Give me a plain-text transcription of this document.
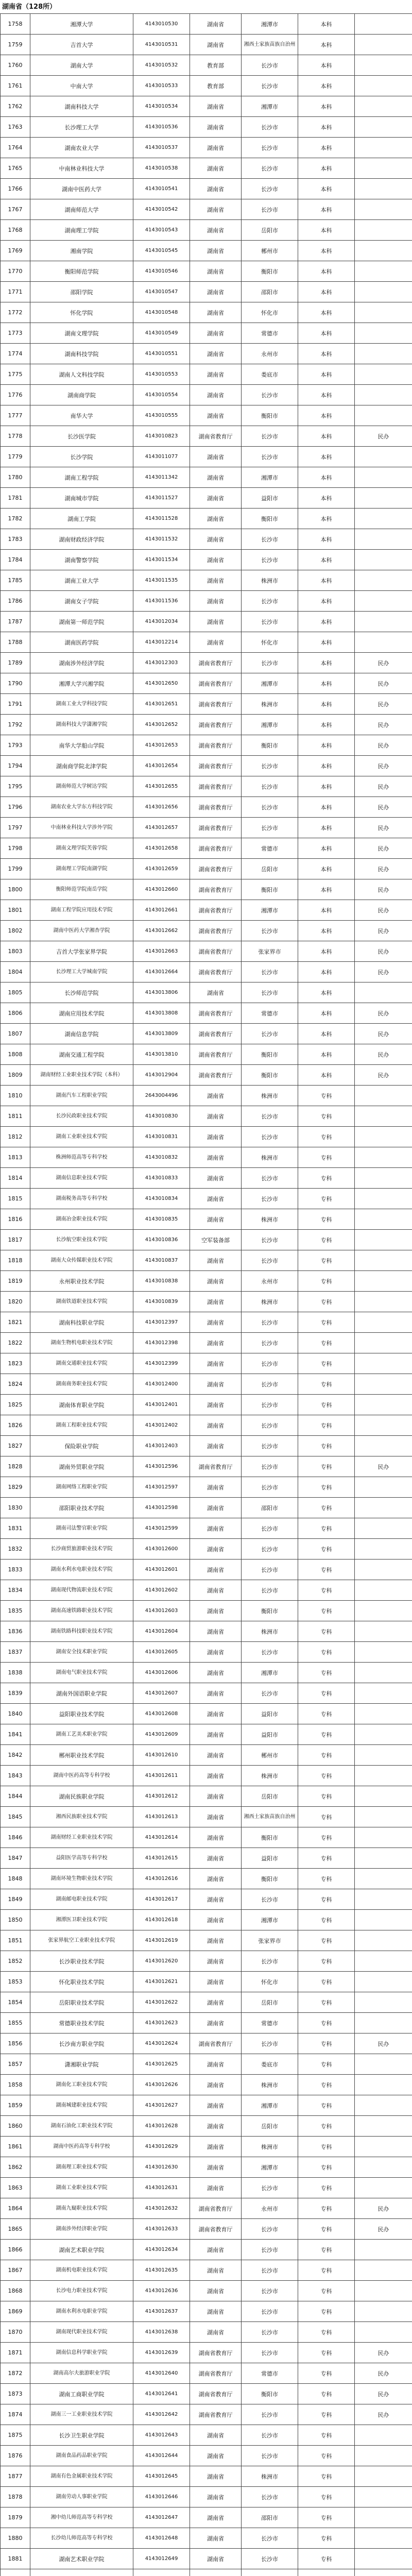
湖南省（128所）
1758	湘潭大学	4143010530	湖南省	湘潭市	本科	
1759	吉首大学	4143010531	湖南省	湘西土家族苗族自治州	本科	
1760	湖南大学	4143010532	教育部	长沙市	本科	
1761	中南大学	4143010533	教育部	长沙市	本科	
1762	湖南科技大学	4143010534	湖南省	湘潭市	本科	
1763	长沙理工大学	4143010536	湖南省	长沙市	本科	
1764	湖南农业大学	4143010537	湖南省	长沙市	本科	
1765	中南林业科技大学	4143010538	湖南省	长沙市	本科	
1766	湖南中医药大学	4143010541	湖南省	长沙市	本科	
1767	湖南师范大学	4143010542	湖南省	长沙市	本科	
1768	湖南理工学院	4143010543	湖南省	岳阳市	本科	
1769	湘南学院	4143010545	湖南省	郴州市	本科	
1770	衡阳师范学院	4143010546	湖南省	衡阳市	本科	
1771	邵阳学院	4143010547	湖南省	邵阳市	本科	
1772	怀化学院	4143010548	湖南省	怀化市	本科	
1773	湖南文理学院	4143010549	湖南省	常德市	本科	
1774	湖南科技学院	4143010551	湖南省	永州市	本科	
1775	湖南人文科技学院	4143010553	湖南省	娄底市	本科	
1776	湖南商学院	4143010554	湖南省	长沙市	本科	
1777	南华大学	4143010555	湖南省	衡阳市	本科	
1778	长沙医学院	4143010823	湖南省教育厅	长沙市	本科	民办
1779	长沙学院	4143011077	湖南省	长沙市	本科	
1780	湖南工程学院	4143011342	湖南省	湘潭市	本科	
1781	湖南城市学院	4143011527	湖南省	益阳市	本科	
1782	湖南工学院	4143011528	湖南省	衡阳市	本科	
1783	湖南财政经济学院	4143011532	湖南省	长沙市	本科	
1784	湖南警察学院	4143011534	湖南省	长沙市	本科	
1785	湖南工业大学	4143011535	湖南省	株洲市	本科	
1786	湖南女子学院	4143011536	湖南省	长沙市	本科	
1787	湖南第一师范学院	4143012034	湖南省	长沙市	本科	
1788	湖南医药学院	4143012214	湖南省	怀化市	本科	
1789	湖南涉外经济学院	4143012303	湖南省教育厅	长沙市	本科	民办
1790	湘潭大学兴湘学院	4143012650	湖南省教育厅	湘潭市	本科	民办
1791	湖南工业大学科技学院	4143012651	湖南省教育厅	株洲市	本科	民办
1792	湖南科技大学潇湘学院	4143012652	湖南省教育厅	湘潭市	本科	民办
1793	南华大学船山学院	4143012653	湖南省教育厅	衡阳市	本科	民办
1794	湖南商学院北津学院	4143012654	湖南省教育厅	长沙市	本科	民办
1795	湖南师范大学树达学院	4143012655	湖南省教育厅	长沙市	本科	民办
1796	湖南农业大学东方科技学院	4143012656	湖南省教育厅	长沙市	本科	民办
1797	中南林业科技大学涉外学院	4143012657	湖南省教育厅	长沙市	本科	民办
1798	湖南文理学院芙蓉学院	4143012658	湖南省教育厅	常德市	本科	民办
1799	湖南理工学院南湖学院	4143012659	湖南省教育厅	岳阳市	本科	民办
1800	衡阳师范学院南岳学院	4143012660	湖南省教育厅	衡阳市	本科	民办
1801	湖南工程学院应用技术学院	4143012661	湖南省教育厅	湘潭市	本科	民办
1802	湖南中医药大学湘杏学院	4143012662	湖南省教育厅	长沙市	本科	民办
1803	吉首大学张家界学院	4143012663	湖南省教育厅	张家界市	本科	民办
1804	长沙理工大学城南学院	4143012664	湖南省教育厅	长沙市	本科	民办
1805	长沙师范学院	4143013806	湖南省	长沙市	本科	
1806	湖南应用技术学院	4143013808	湖南省教育厅	常德市	本科	民办
1807	湖南信息学院	4143013809	湖南省教育厅	长沙市	本科	民办
1808	湖南交通工程学院	4143013810	湖南省教育厅	衡阳市	本科	民办
1809	湖南财经工业职业技术学院（本科）	4143012904	湖南省教育厅	衡阳市	本科	民办
1810	湖南汽车工程职业学院	2643004496	湖南省	株洲市	专科	
1811	长沙民政职业技术学院	4143010830	湖南省	长沙市	专科	
1812	湖南工业职业技术学院	4143010831	湖南省	长沙市	专科	
1813	株洲师范高等专科学校	4143010832	湖南省	株洲市	专科	
1814	湖南信息职业技术学院	4143010833	湖南省	长沙市	专科	
1815	湖南税务高等专科学校	4143010834	湖南省	长沙市	专科	
1816	湖南冶金职业技术学院	4143010835	湖南省	株洲市	专科	
1817	长沙航空职业技术学院	4143010836	空军装备部	长沙市	专科	
1818	湖南大众传媒职业技术学院	4143010837	湖南省	长沙市	专科	
1819	永州职业技术学院	4143010838	湖南省	永州市	专科	
1820	湖南铁道职业技术学院	4143010839	湖南省	株洲市	专科	
1821	湖南科技职业学院	4143012397	湖南省	长沙市	专科	
1822	湖南生物机电职业技术学院	4143012398	湖南省	长沙市	专科	
1823	湖南交通职业技术学院	4143012399	湖南省	长沙市	专科	
1824	湖南商务职业技术学院	4143012400	湖南省	长沙市	专科	
1825	湖南体育职业学院	4143012401	湖南省	长沙市	专科	
1826	湖南工程职业技术学院	4143012402	湖南省	长沙市	专科	
1827	保险职业学院	4143012403	湖南省	长沙市	专科	
1828	湖南外贸职业学院	4143012596	湖南省教育厅	长沙市	专科	民办
1829	湖南网络工程职业学院	4143012597	湖南省	长沙市	专科	
1830	邵阳职业技术学院	4143012598	湖南省	邵阳市	专科	
1831	湖南司法警官职业学院	4143012599	湖南省	长沙市	专科	
1832	长沙商贸旅游职业技术学院	4143012600	湖南省	长沙市	专科	
1833	湖南水利水电职业技术学院	4143012601	湖南省	长沙市	专科	
1834	湖南现代物流职业技术学院	4143012602	湖南省	长沙市	专科	
1835	湖南高速铁路职业技术学院	4143012603	湖南省	衡阳市	专科	
1836	湖南铁路科技职业技术学院	4143012604	湖南省	株洲市	专科	
1837	湖南安全技术职业学院	4143012605	湖南省	长沙市	专科	
1838	湖南电气职业技术学院	4143012606	湖南省	湘潭市	专科	
1839	湖南外国语职业学院	4143012607	湖南省	长沙市	专科	
1840	益阳职业技术学院	4143012608	湖南省	益阳市	专科	
1841	湖南工艺美术职业学院	4143012609	湖南省	益阳市	专科	
1842	郴州职业技术学院	4143012610	湖南省	郴州市	专科	
1843	湖南中医药高等专科学校	4143012611	湖南省	株洲市	专科	
1844	湖南民族职业学院	4143012612	湖南省	岳阳市	专科	
1845	湘西民族职业技术学院	4143012613	湖南省	湘西土家族苗族自治州	专科	
1846	湖南财经工业职业技术学院	4143012614	湖南省	衡阳市	专科	
1847	益阳医学高等专科学校	4143012615	湖南省	益阳市	专科	
1848	湖南环境生物职业技术学院	4143012616	湖南省	衡阳市	专科	
1849	湖南邮电职业技术学院	4143012617	湖南省	长沙市	专科	
1850	湘潭医卫职业技术学院	4143012618	湖南省	湘潭市	专科	
1851	张家界航空工业职业技术学院	4143012619	湖南省	张家界市	专科	
1852	长沙职业技术学院	4143012620	湖南省	长沙市	专科	
1853	怀化职业技术学院	4143012621	湖南省	怀化市	专科	
1854	岳阳职业技术学院	4143012622	湖南省	岳阳市	专科	
1855	常德职业技术学院	4143012623	湖南省	常德市	专科	
1856	长沙南方职业学院	4143012624	湖南省教育厅	长沙市	专科	民办
1857	潇湘职业学院	4143012625	湖南省	娄底市	专科	
1858	湖南化工职业技术学院	4143012626	湖南省	株洲市	专科	
1859	湖南城建职业技术学院	4143012627	湖南省	湘潭市	专科	
1860	湖南石油化工职业技术学院	4143012628	湖南省	岳阳市	专科	
1861	湖南中医药高等专科学校	4143012629	湖南省	株洲市	专科	
1862	湖南理工职业技术学院	4143012630	湖南省	湘潭市	专科	
1863	湖南工业职业技术学院	4143012631	湖南省	长沙市	专科	
1864	湖南九嶷职业技术学院	4143012632	湖南省教育厅	永州市	专科	民办
1865	湖南涉外经济职业学院	4143012633	湖南省教育厅	长沙市	专科	民办
1866	湖南艺术职业学院	4143012634	湖南省	长沙市	专科	
1867	湖南机电职业技术学院	4143012635	湖南省	长沙市	专科	
1868	长沙电力职业技术学院	4143012636	湖南省	长沙市	专科	
1869	湖南水利水电职业学院	4143012637	湖南省	长沙市	专科	
1870	湖南现代职业技术学院	4143012638	湖南省	长沙市	专科	
1871	湖南信息科学职业学院	4143012639	湖南省教育厅	长沙市	专科	民办
1872	湖南高尔夫旅游职业学院	4143012640	湖南省教育厅	常德市	专科	民办
1873	湖南工商职业学院	4143012641	湖南省教育厅	衡阳市	专科	民办
1874	湖南三一工业职业技术学院	4143012642	湖南省教育厅	长沙市	专科	民办
1875	长沙卫生职业学院	4143012643	湖南省	长沙市	专科	
1876	湖南食品药品职业学院	4143012644	湖南省	长沙市	专科	
1877	湖南有色金属职业技术学院	4143012645	湖南省	株洲市	专科	
1878	湖南劳动人事职业学院	4143012646	湖南省	长沙市	专科	
1879	湘中幼儿师范高等专科学校	4143012647	湖南省	邵阳市	专科	
1880	长沙幼儿师范高等专科学校	4143012648	湖南省	长沙市	专科	
1881	湖南艺术职业学院	4143012649	湖南省	长沙市	专科	
